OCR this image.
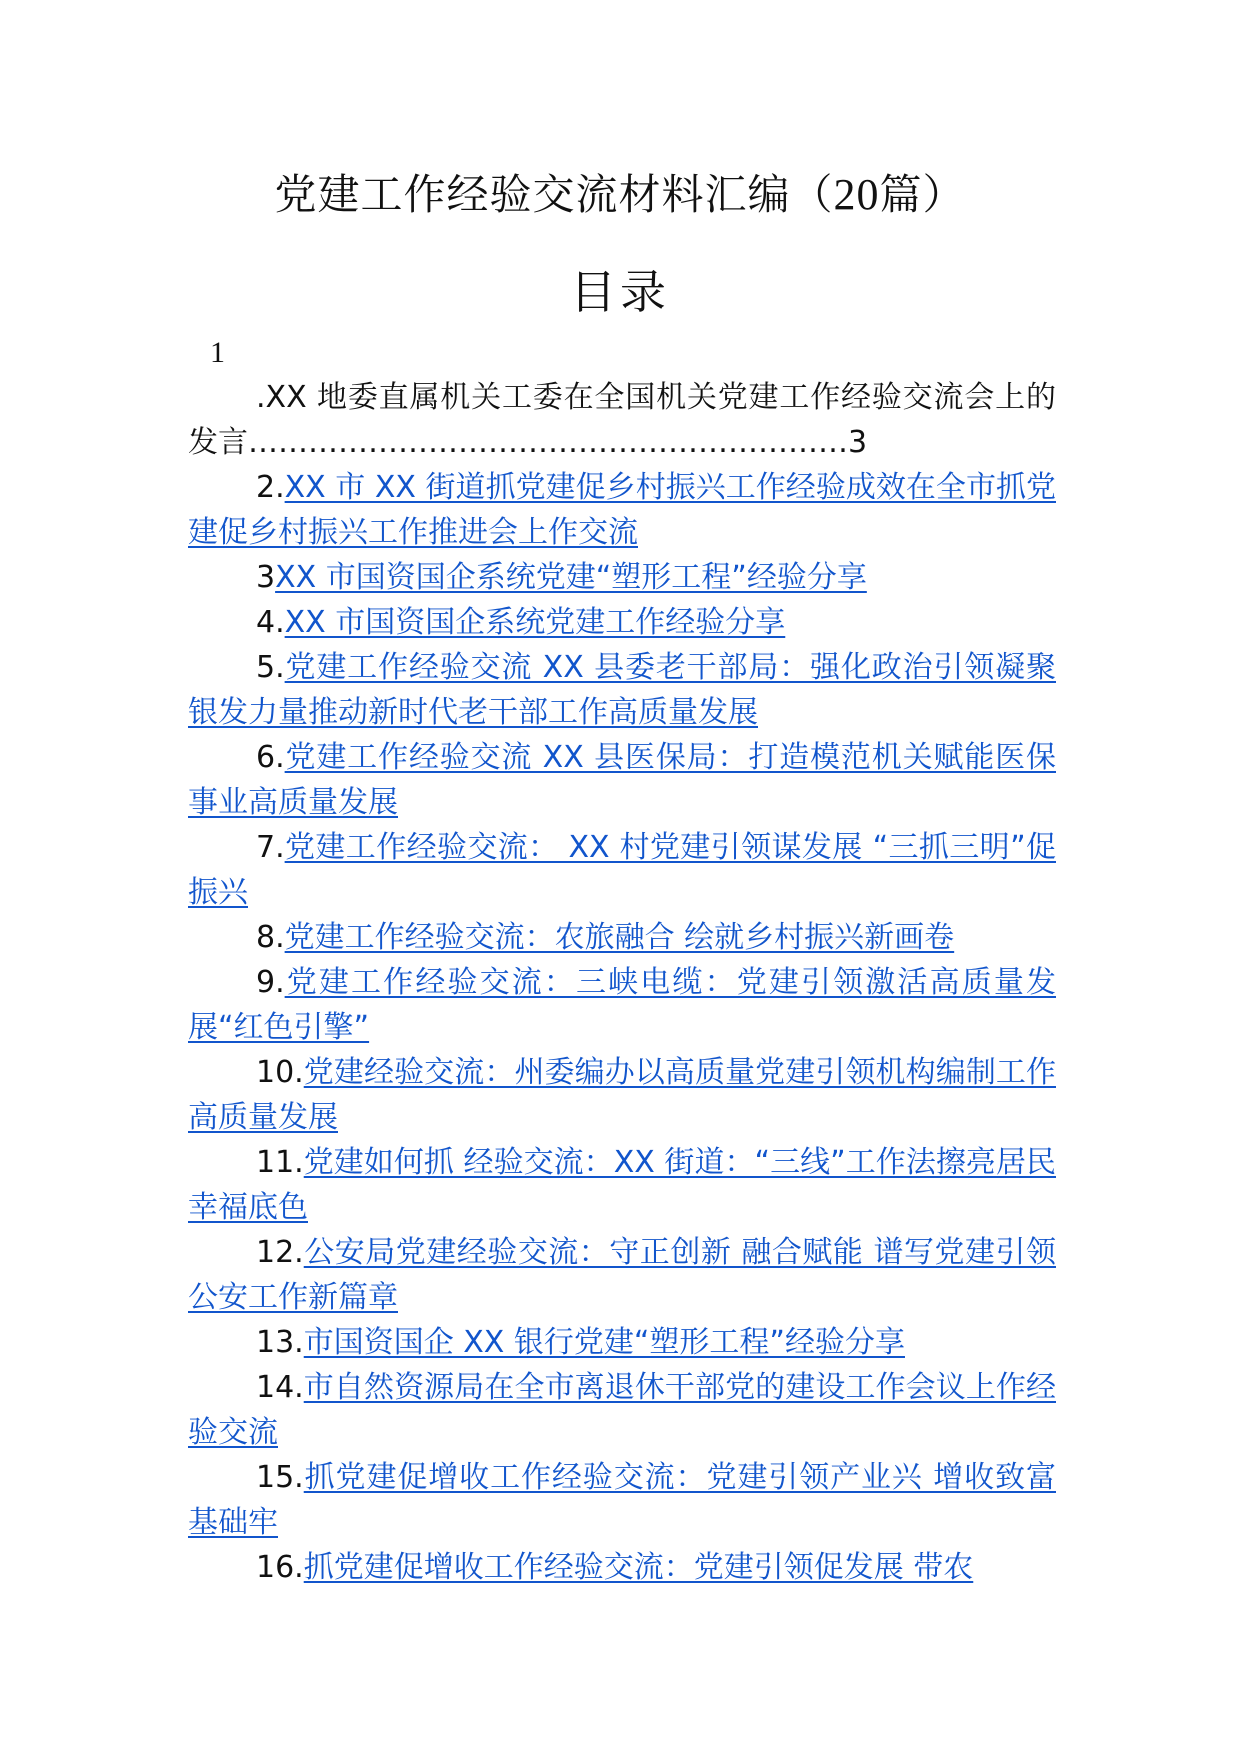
党建工作经验交流材料汇编（20篇）
目录
1

.XX 地委直属机关工委在全国机关党建工作经验交流会上的发言……………………………………………………3

2.XX 市 XX 街道抓党建促乡村振兴工作经验成效在全市抓党建促乡村振兴工作推进会上作交流

3XX 市国资国企系统党建“塑形工程”经验分享

4.XX 市国资国企系统党建工作经验分享

5.党建工作经验交流 XX 县委老干部局：强化政治引领凝聚银发力量推动新时代老干部工作高质量发展

6.党建工作经验交流 XX 县医保局：打造模范机关赋能医保事业高质量发展

7.党建工作经验交流： XX 村党建引领谋发展 “三抓三明”促振兴

8.党建工作经验交流：农旅融合 绘就乡村振兴新画卷

9.党建工作经验交流：三峡电缆：党建引领激活高质量发展“红色引擎”

10.党建经验交流：州委编办以高质量党建引领机构编制工作高质量发展

11.党建如何抓 经验交流：XX 街道：“三线”工作法擦亮居民幸福底色

12.公安局党建经验交流：守正创新 融合赋能 谱写党建引领公安工作新篇章

13.市国资国企 XX 银行党建“塑形工程”经验分享

14.市自然资源局在全市离退休干部党的建设工作会议上作经验交流

15.抓党建促增收工作经验交流：党建引领产业兴 增收致富基础牢

16.抓党建促增收工作经验交流：党建引领促发展 带农
